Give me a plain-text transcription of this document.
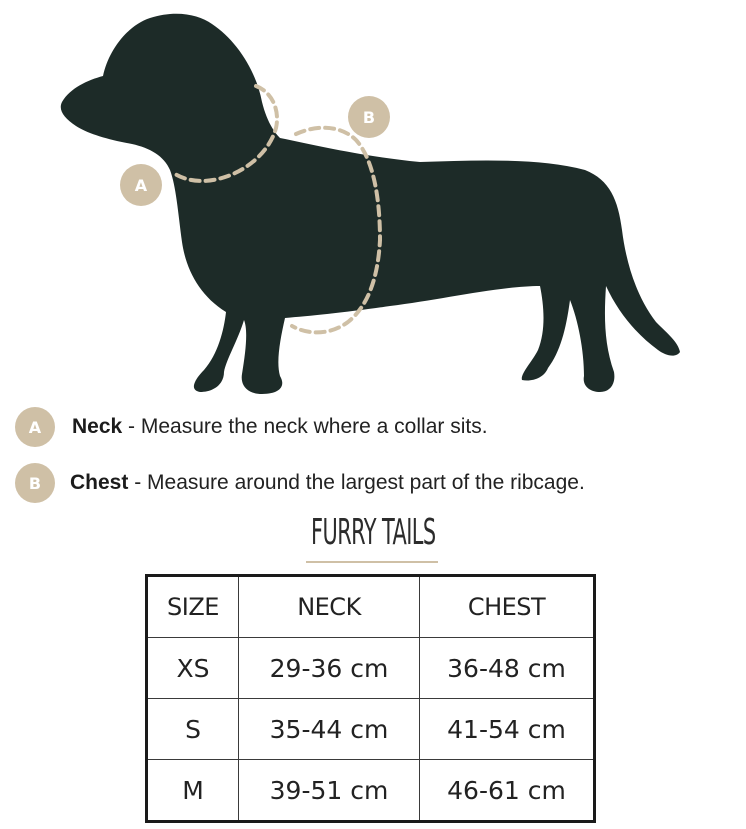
A
B
A	Neck - Measure the neck where a collar sits.
B	Chest - Measure around the largest part of the ribcage.
FURRY TAILS
SIZE	NECK	CHEST
XS	29-36 cm	36-48 cm
S	35-44 cm	41-54 cm
M	39-51 cm	46-61 cm
